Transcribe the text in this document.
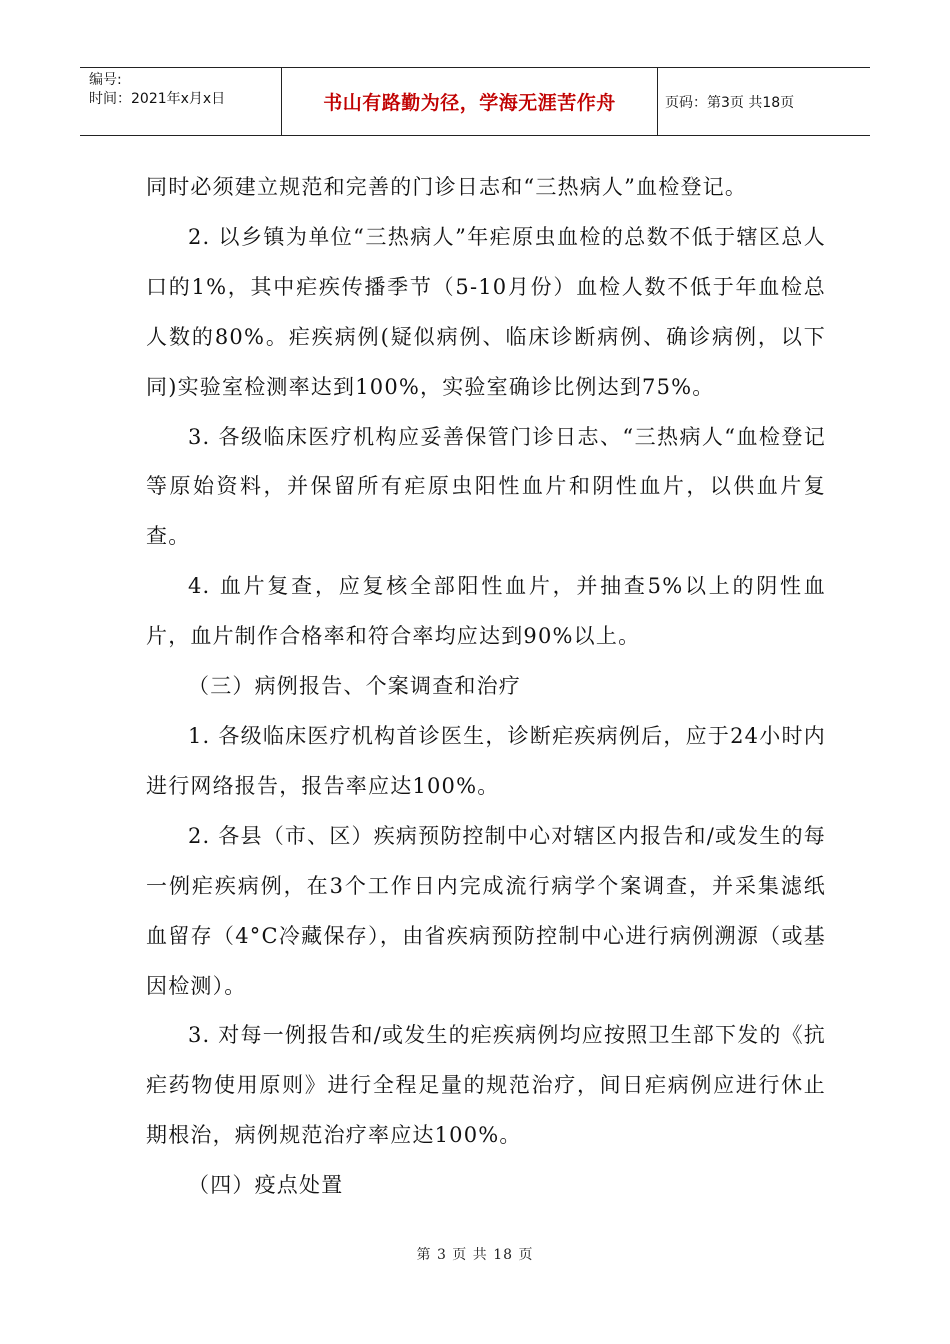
编号:
时间：2021年x月x日	书山有路勤为径，学海无涯苦作舟	页码：第3页 共18页

同时必须建立规范和完善的门诊日志和“三热病人”血检登记。

2. 以乡镇为单位“三热病人”年疟原虫血检的总数不低于辖区总人口的1%，其中疟疾传播季节（5-10月份）血检人数不低于年血检总人数的80%。疟疾病例(疑似病例、临床诊断病例、确诊病例，以下同)实验室检测率达到100%，实验室确诊比例达到75%。

3. 各级临床医疗机构应妥善保管门诊日志、“三热病人“血检登记等原始资料，并保留所有疟原虫阳性血片和阴性血片，以供血片复查。

4. 血片复查，应复核全部阳性血片，并抽查5%以上的阴性血片，血片制作合格率和符合率均应达到90%以上。

（三）病例报告、个案调查和治疗

1. 各级临床医疗机构首诊医生，诊断疟疾病例后，应于24小时内进行网络报告，报告率应达100%。

2. 各县（市、区）疾病预防控制中心对辖区内报告和/或发生的每一例疟疾病例，在3个工作日内完成流行病学个案调查，并采集滤纸血留存（4°C冷藏保存），由省疾病预防控制中心进行病例溯源（或基因检测）。

3. 对每一例报告和/或发生的疟疾病例均应按照卫生部下发的《抗疟药物使用原则》进行全程足量的规范治疗，间日疟病例应进行休止期根治，病例规范治疗率应达100%。

（四）疫点处置

第 3 页 共 18 页
